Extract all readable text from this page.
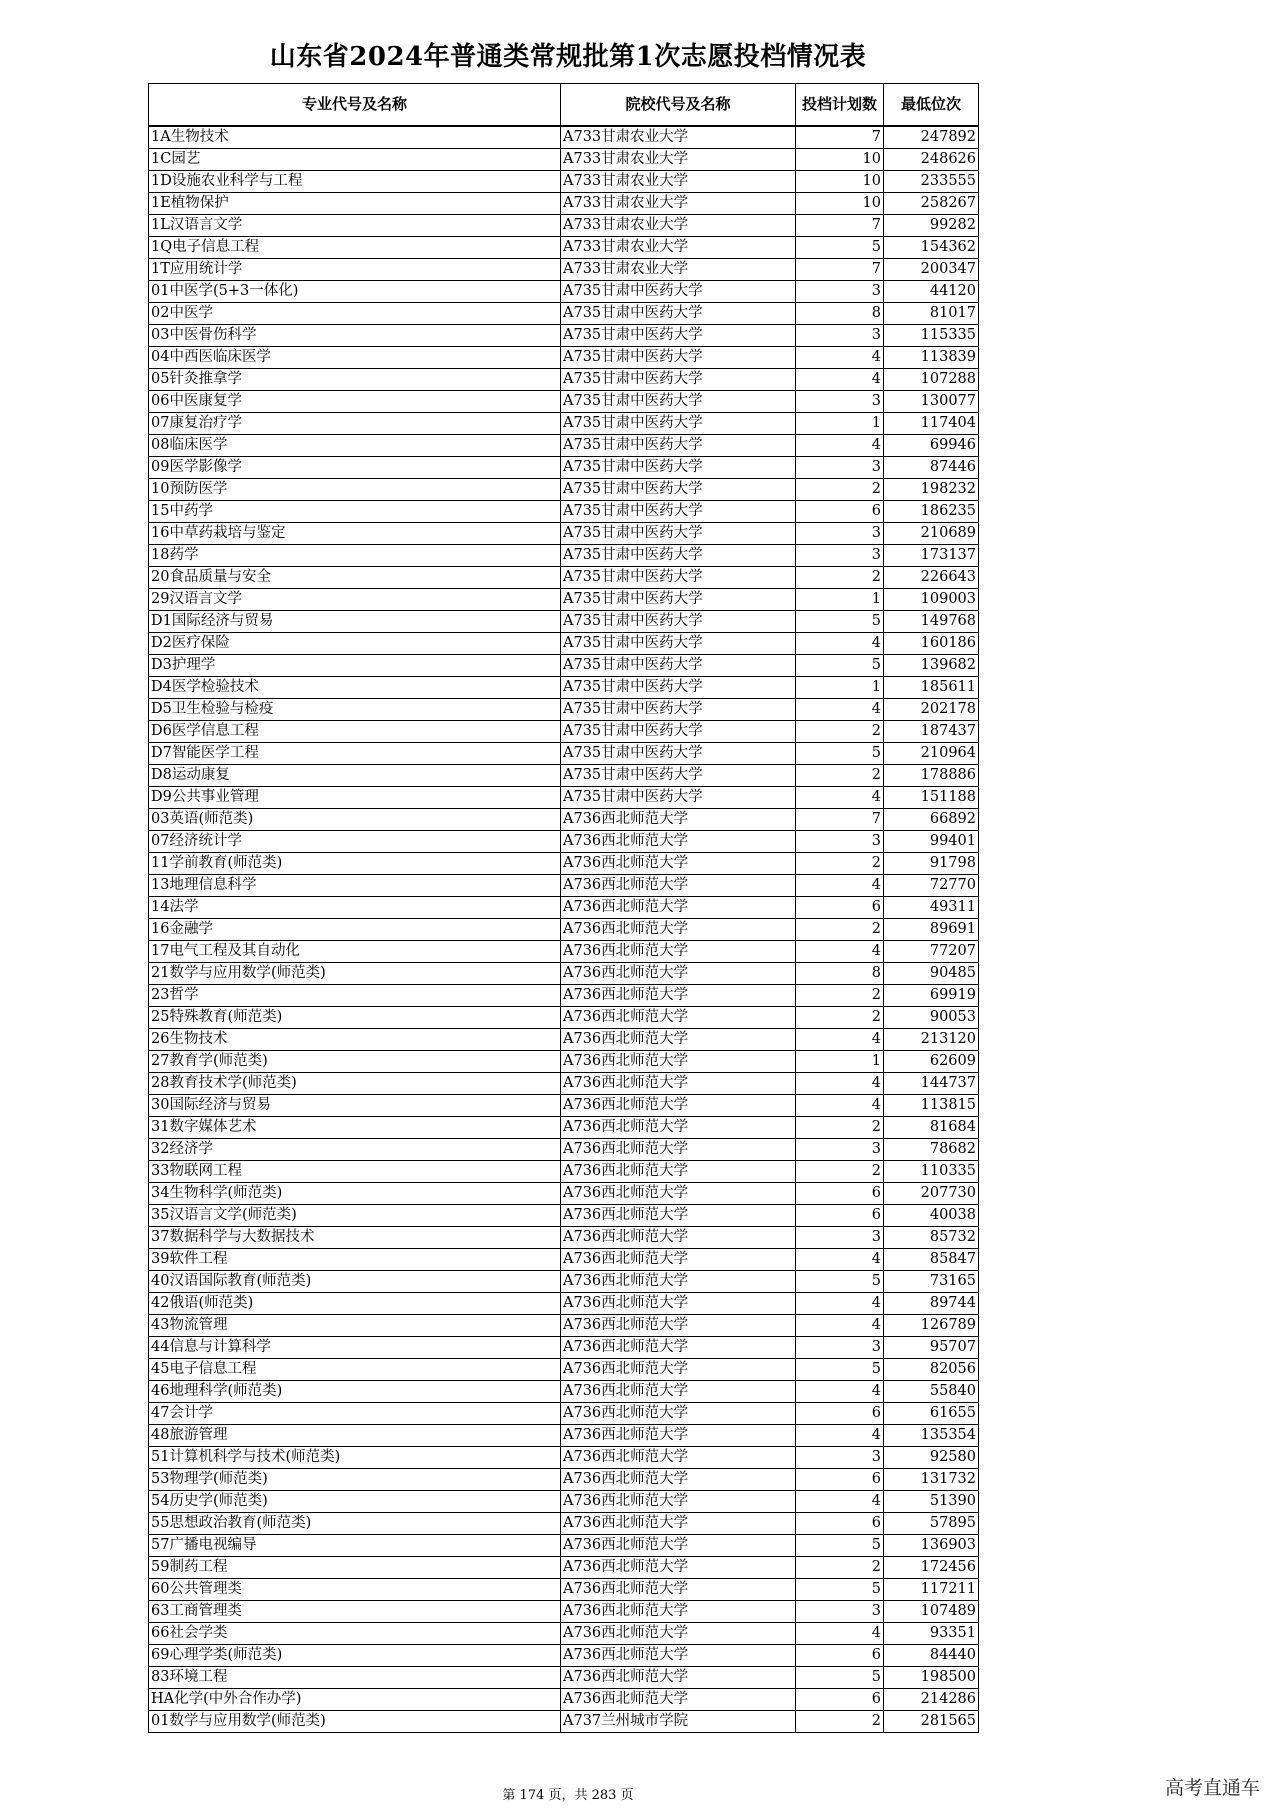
山东省2024年普通类常规批第1次志愿投档情况表
专业代号及名称	院校代号及名称	投档计划数	最低位次
1A生物技术	A733甘肃农业大学	7	247892
1C园艺	A733甘肃农业大学	10	248626
1D设施农业科学与工程	A733甘肃农业大学	10	233555
1E植物保护	A733甘肃农业大学	10	258267
1L汉语言文学	A733甘肃农业大学	7	99282
1Q电子信息工程	A733甘肃农业大学	5	154362
1T应用统计学	A733甘肃农业大学	7	200347
01中医学(5+3一体化)	A735甘肃中医药大学	3	44120
02中医学	A735甘肃中医药大学	8	81017
03中医骨伤科学	A735甘肃中医药大学	3	115335
04中西医临床医学	A735甘肃中医药大学	4	113839
05针灸推拿学	A735甘肃中医药大学	4	107288
06中医康复学	A735甘肃中医药大学	3	130077
07康复治疗学	A735甘肃中医药大学	1	117404
08临床医学	A735甘肃中医药大学	4	69946
09医学影像学	A735甘肃中医药大学	3	87446
10预防医学	A735甘肃中医药大学	2	198232
15中药学	A735甘肃中医药大学	6	186235
16中草药栽培与鉴定	A735甘肃中医药大学	3	210689
18药学	A735甘肃中医药大学	3	173137
20食品质量与安全	A735甘肃中医药大学	2	226643
29汉语言文学	A735甘肃中医药大学	1	109003
D1国际经济与贸易	A735甘肃中医药大学	5	149768
D2医疗保险	A735甘肃中医药大学	4	160186
D3护理学	A735甘肃中医药大学	5	139682
D4医学检验技术	A735甘肃中医药大学	1	185611
D5卫生检验与检疫	A735甘肃中医药大学	4	202178
D6医学信息工程	A735甘肃中医药大学	2	187437
D7智能医学工程	A735甘肃中医药大学	5	210964
D8运动康复	A735甘肃中医药大学	2	178886
D9公共事业管理	A735甘肃中医药大学	4	151188
03英语(师范类)	A736西北师范大学	7	66892
07经济统计学	A736西北师范大学	3	99401
11学前教育(师范类)	A736西北师范大学	2	91798
13地理信息科学	A736西北师范大学	4	72770
14法学	A736西北师范大学	6	49311
16金融学	A736西北师范大学	2	89691
17电气工程及其自动化	A736西北师范大学	4	77207
21数学与应用数学(师范类)	A736西北师范大学	8	90485
23哲学	A736西北师范大学	2	69919
25特殊教育(师范类)	A736西北师范大学	2	90053
26生物技术	A736西北师范大学	4	213120
27教育学(师范类)	A736西北师范大学	1	62609
28教育技术学(师范类)	A736西北师范大学	4	144737
30国际经济与贸易	A736西北师范大学	4	113815
31数字媒体艺术	A736西北师范大学	2	81684
32经济学	A736西北师范大学	3	78682
33物联网工程	A736西北师范大学	2	110335
34生物科学(师范类)	A736西北师范大学	6	207730
35汉语言文学(师范类)	A736西北师范大学	6	40038
37数据科学与大数据技术	A736西北师范大学	3	85732
39软件工程	A736西北师范大学	4	85847
40汉语国际教育(师范类)	A736西北师范大学	5	73165
42俄语(师范类)	A736西北师范大学	4	89744
43物流管理	A736西北师范大学	4	126789
44信息与计算科学	A736西北师范大学	3	95707
45电子信息工程	A736西北师范大学	5	82056
46地理科学(师范类)	A736西北师范大学	4	55840
47会计学	A736西北师范大学	6	61655
48旅游管理	A736西北师范大学	4	135354
51计算机科学与技术(师范类)	A736西北师范大学	3	92580
53物理学(师范类)	A736西北师范大学	6	131732
54历史学(师范类)	A736西北师范大学	4	51390
55思想政治教育(师范类)	A736西北师范大学	6	57895
57广播电视编导	A736西北师范大学	5	136903
59制药工程	A736西北师范大学	2	172456
60公共管理类	A736西北师范大学	5	117211
63工商管理类	A736西北师范大学	3	107489
66社会学类	A736西北师范大学	4	93351
69心理学类(师范类)	A736西北师范大学	6	84440
83环境工程	A736西北师范大学	5	198500
HA化学(中外合作办学)	A736西北师范大学	6	214286
01数学与应用数学(师范类)	A737兰州城市学院	2	281565
第 174 页，共 283 页	高考直通车
